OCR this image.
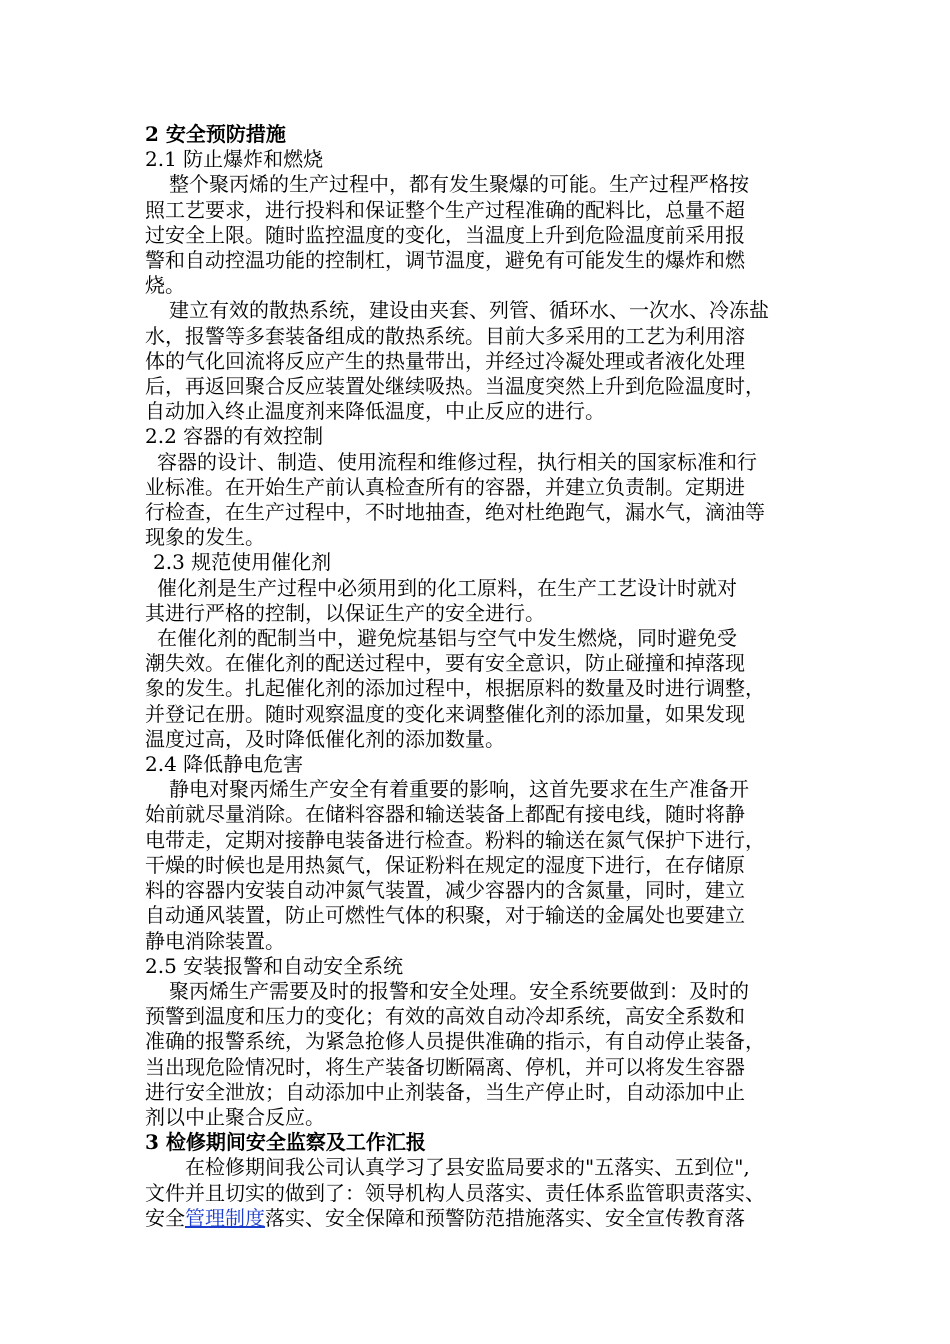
2 安全预防措施
2.1 防止爆炸和燃烧
整个聚丙烯的生产过程中，都有发生聚爆的可能。生产过程严格按
照工艺要求，进行投料和保证整个生产过程准确的配料比，总量不超
过安全上限。随时监控温度的变化，当温度上升到危险温度前采用报
警和自动控温功能的控制杠，调节温度，避免有可能发生的爆炸和燃
烧。
建立有效的散热系统，建设由夹套、列管、循环水、一次水、冷冻盐
水，报警等多套装备组成的散热系统。目前大多采用的工艺为利用溶
体的气化回流将反应产生的热量带出，并经过冷凝处理或者液化处理
后，再返回聚合反应装置处继续吸热。当温度突然上升到危险温度时，
自动加入终止温度剂来降低温度，中止反应的进行。
2.2 容器的有效控制
容器的设计、制造、使用流程和维修过程，执行相关的国家标准和行
业标准。在开始生产前认真检查所有的容器，并建立负责制。定期进
行检查，在生产过程中，不时地抽查，绝对杜绝跑气，漏水气，滴油等
现象的发生。
2.3 规范使用催化剂
催化剂是生产过程中必须用到的化工原料，在生产工艺设计时就对
其进行严格的控制，以保证生产的安全进行。
在催化剂的配制当中，避免烷基铝与空气中发生燃烧，同时避免受
潮失效。在催化剂的配送过程中，要有安全意识，防止碰撞和掉落现
象的发生。扎起催化剂的添加过程中，根据原料的数量及时进行调整，
并登记在册。随时观察温度的变化来调整催化剂的添加量，如果发现
温度过高，及时降低催化剂的添加数量。
2.4 降低静电危害
静电对聚丙烯生产安全有着重要的影响，这首先要求在生产准备开
始前就尽量消除。在储料容器和输送装备上都配有接电线，随时将静
电带走，定期对接静电装备进行检查。粉料的输送在氮气保护下进行，
干燥的时候也是用热氮气，保证粉料在规定的湿度下进行，在存储原
料的容器内安装自动冲氮气装置，减少容器内的含氮量，同时，建立
自动通风装置，防止可燃性气体的积聚，对于输送的金属处也要建立
静电消除装置。
2.5 安装报警和自动安全系统
聚丙烯生产需要及时的报警和安全处理。安全系统要做到：及时的
预警到温度和压力的变化；有效的高效自动冷却系统，高安全系数和
准确的报警系统，为紧急抢修人员提供准确的指示，有自动停止装备，
当出现危险情况时，将生产装备切断隔离、停机，并可以将发生容器
进行安全泄放；自动添加中止剂装备，当生产停止时，自动添加中止
剂以中止聚合反应。
3 检修期间安全监察及工作汇报
在检修期间我公司认真学习了县安监局要求的"五落实、五到位",
文件并且切实的做到了：领导机构人员落实、责任体系监管职责落实、
安全管理制度落实、安全保障和预警防范措施落实、安全宣传教育落
